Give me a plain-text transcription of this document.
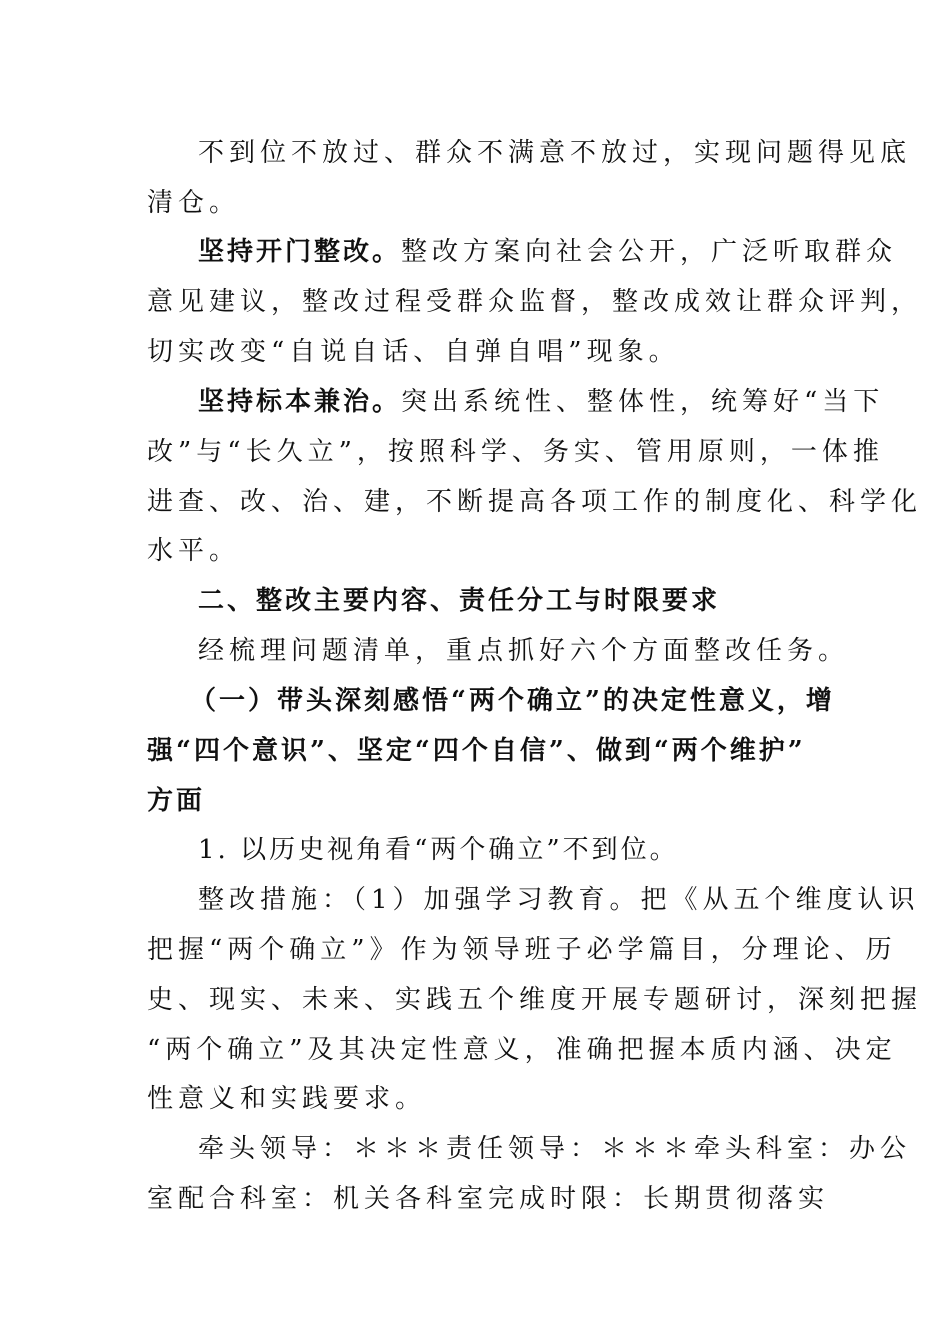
不到位不放过、群众不满意不放过，实现问题得见底
清仓。
坚持开门整改。整改方案向社会公开，广泛听取群众
意见建议，整改过程受群众监督，整改成效让群众评判，
切实改变“自说自话、自弹自唱”现象。
坚持标本兼治。突出系统性、整体性，统筹好“当下
改”与“长久立”，按照科学、务实、管用原则，一体推
进查、改、治、建，不断提高各项工作的制度化、科学化
水平。
二、整改主要内容、责任分工与时限要求
经梳理问题清单，重点抓好六个方面整改任务。
（一）带头深刻感悟“两个确立”的决定性意义，增
强“四个意识”、坚定“四个自信”、做到“两个维护”
方面
1. 以历史视角看“两个确立”不到位。
整改措施：（1）加强学习教育。把《从五个维度认识
把握“两个确立”》作为领导班子必学篇目，分理论、历
史、现实、未来、实践五个维度开展专题研讨，深刻把握
“两个确立”及其决定性意义，准确把握本质内涵、决定
性意义和实践要求。
牵头领导：＊＊＊责任领导：＊＊＊牵头科室：办公
室配合科室：机关各科室完成时限：长期贯彻落实
